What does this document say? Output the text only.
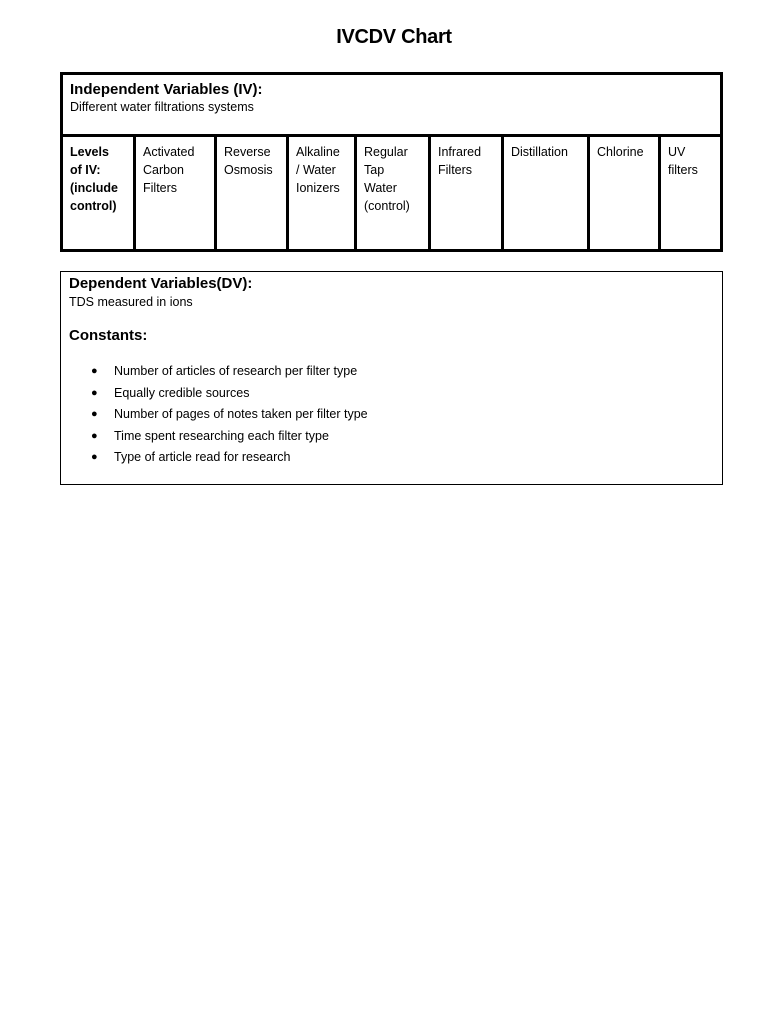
IVCDV Chart
Independent Variables (IV):
Different water filtrations systems
Levels
of IV:
(include
control)
Activated
Carbon
Filters
Reverse
Osmosis
Alkaline
/ Water
Ionizers
Regular
Tap
Water
(control)
Infrared
Filters
Distillation	Chlorine	UV
filters
Dependent Variables(DV):
TDS measured in ions
Constants:
● Number of articles of research per filter type
● Equally credible sources
● Number of pages of notes taken per filter type
● Time spent researching each filter type
● Type of article read for research
